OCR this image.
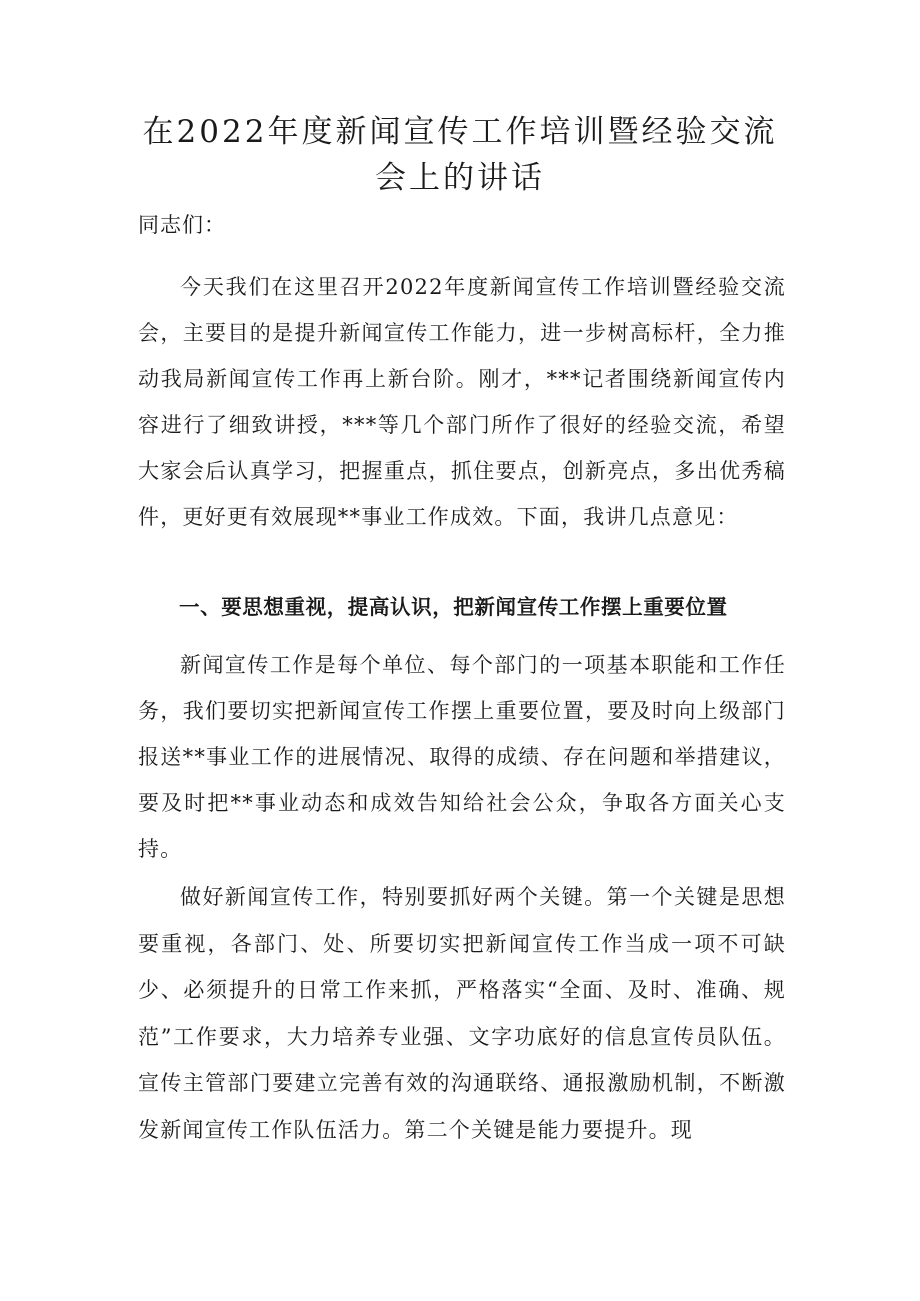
在2022年度新闻宣传工作培训暨经验交流
会上的讲话

同志们：

今天我们在这里召开2022年度新闻宣传工作培训暨经验交流会，主要目的是提升新闻宣传工作能力，进一步树高标杆，全力推动我局新闻宣传工作再上新台阶。刚才，***记者围绕新闻宣传内容进行了细致讲授，***等几个部门所作了很好的经验交流，希望大家会后认真学习，把握重点，抓住要点，创新亮点，多出优秀稿件，更好更有效展现**事业工作成效。下面，我讲几点意见：

一、要思想重视，提高认识，把新闻宣传工作摆上重要位置

新闻宣传工作是每个单位、每个部门的一项基本职能和工作任务，我们要切实把新闻宣传工作摆上重要位置，要及时向上级部门报送**事业工作的进展情况、取得的成绩、存在问题和举措建议，要及时把**事业动态和成效告知给社会公众，争取各方面关心支持。

做好新闻宣传工作，特别要抓好两个关键。第一个关键是思想要重视，各部门、处、所要切实把新闻宣传工作当成一项不可缺少、必须提升的日常工作来抓，严格落实“全面、及时、准确、规范”工作要求，大力培养专业强、文字功底好的信息宣传员队伍。宣传主管部门要建立完善有效的沟通联络、通报激励机制，不断激发新闻宣传工作队伍活力。第二个关键是能力要提升。现
